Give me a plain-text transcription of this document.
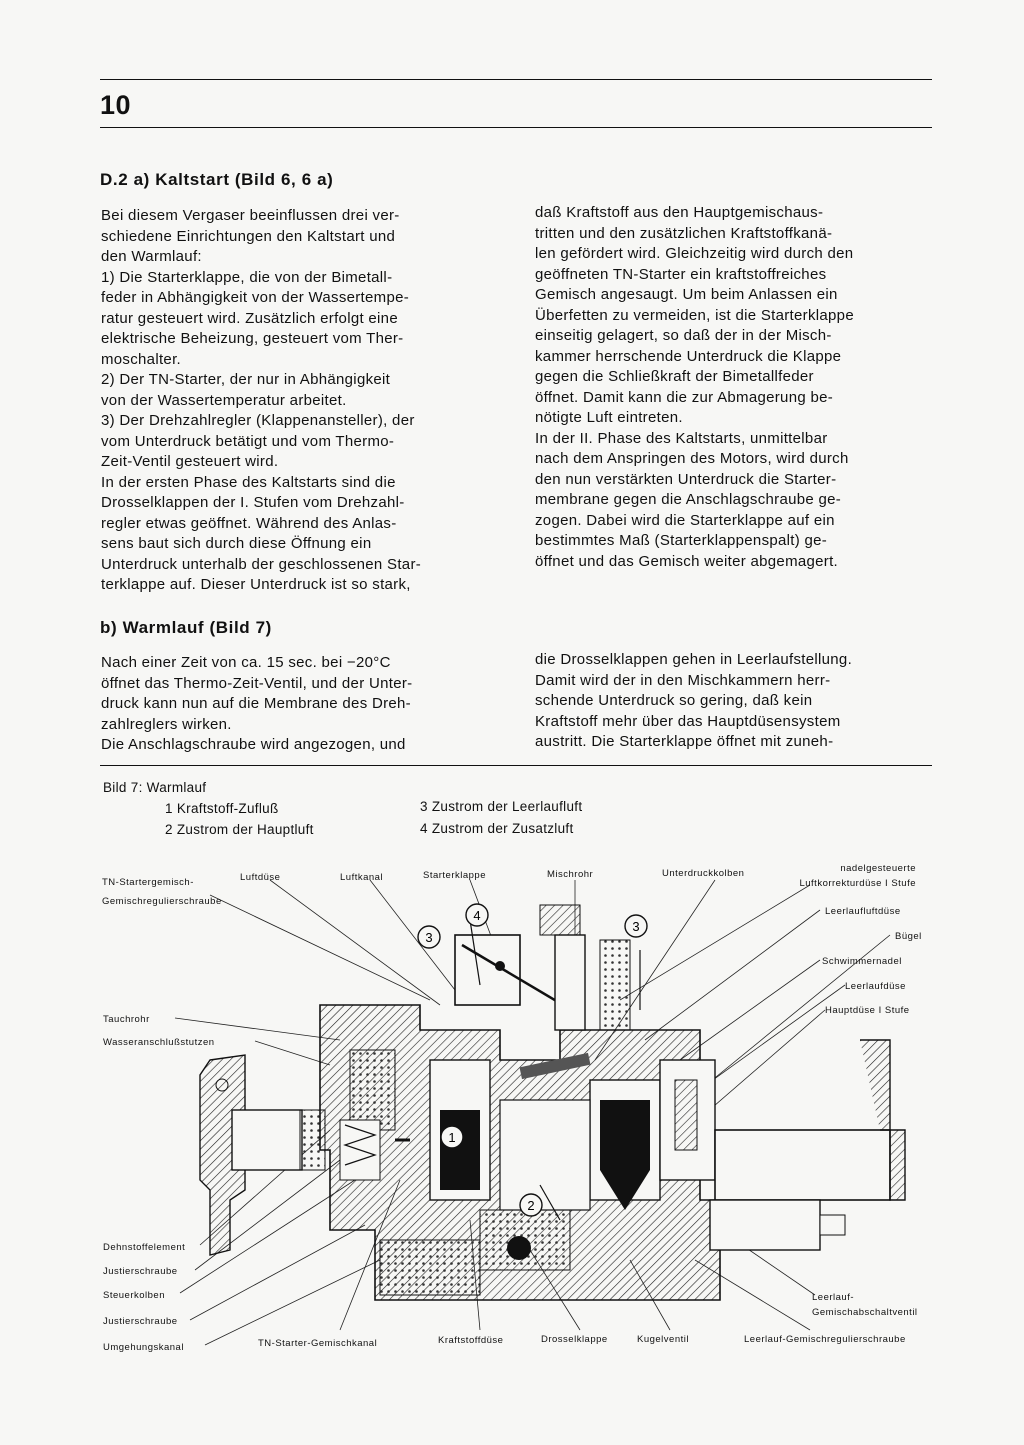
10
D.2 a) Kaltstart (Bild 6, 6 a)

Bei diesem Vergaser beeinflussen drei ver-
schiedene Einrichtungen den Kaltstart und
den Warmlauf:
1) Die Starterklappe, die von der Bimetall-
feder in Abhängigkeit von der Wassertempe-
ratur gesteuert wird. Zusätzlich erfolgt eine
elektrische Beheizung, gesteuert vom Ther-
moschalter.
2) Der TN-Starter, der nur in Abhängigkeit
von der Wassertemperatur arbeitet.
3) Der Drehzahlregler (Klappenansteller), der
vom Unterdruck betätigt und vom Thermo-
Zeit-Ventil gesteuert wird.
In der ersten Phase des Kaltstarts sind die
Drosselklappen der I. Stufen vom Drehzahl-
regler etwas geöffnet. Während des Anlas-
sens baut sich durch diese Öffnung ein
Unterdruck unterhalb der geschlossenen Star-
terklappe auf. Dieser Unterdruck ist so stark,

daß Kraftstoff aus den Hauptgemischaus-
tritten und den zusätzlichen Kraftstoffkanä-
len gefördert wird. Gleichzeitig wird durch den
geöffneten TN-Starter ein kraftstoffreiches
Gemisch angesaugt. Um beim Anlassen ein
Überfetten zu vermeiden, ist die Starterklappe
einseitig gelagert, so daß der in der Misch-
kammer herrschende Unterdruck die Klappe
gegen die Schließkraft der Bimetallfeder
öffnet. Damit kann die zur Abmagerung be-
nötigte Luft eintreten.
In der II. Phase des Kaltstarts, unmittelbar
nach dem Anspringen des Motors, wird durch
den nun verstärkten Unterdruck die Starter-
membrane gegen die Anschlagschraube ge-
zogen. Dabei wird die Starterklappe auf ein
bestimmtes Maß (Starterklappenspalt) ge-
öffnet und das Gemisch weiter abgemagert.

b) Warmlauf (Bild 7)

Nach einer Zeit von ca. 15 sec. bei −20°C
öffnet das Thermo-Zeit-Ventil, und der Unter-
druck kann nun auf die Membrane des Dreh-
zahlreglers wirken.
Die Anschlagschraube wird angezogen, und

die Drosselklappen gehen in Leerlaufstellung.
Damit wird der in den Mischkammern herr-
schende Unterdruck so gering, daß kein
Kraftstoff mehr über das Hauptdüsensystem
austritt. Die Starterklappe öffnet mit zuneh-

Bild 7: Warmlauf
1 Kraftstoff-Zufluß
2 Zustrom der Hauptluft
3 Zustrom der Leerlaufluft
4 Zustrom der Zusatzluft
1
2
3
4
3
TN-Startergemisch-
Gemischregulierschraube
Luftdüse	Luftkanal	Starterklappe	Mischrohr	Unterdruckkolben	nadelgesteuerte
Luftkorrekturdüse I Stufe
Leerlaufluftdüse
Bügel
Schwimmernadel
Leerlaufdüse
Hauptdüse I Stufe
Tauchrohr
Wasseranschlußstutzen
Dehnstoffelement
Justierschraube
Steuerkolben
Justierschraube
Umgehungskanal	TN-Starter-Gemischkanal	Kraftstoffdüse	Drosselklappe	Kugelventil
Leerlauf-
Gemischabschaltventil
Leerlauf-Gemischregulierschraube
